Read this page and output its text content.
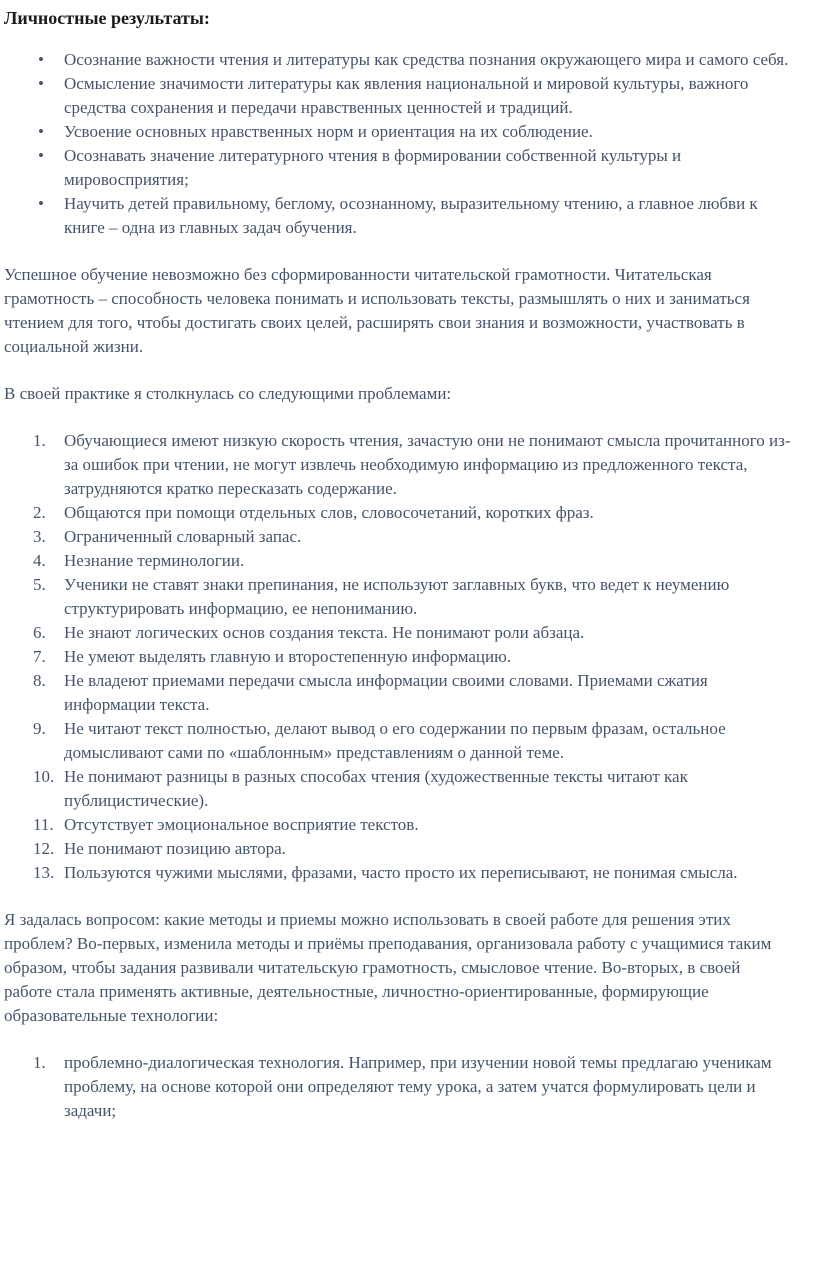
Личностные результаты:
• Осознание важности чтения и литературы как средства познания окружающего мира и самого себя.
• Осмысление значимости литературы как явления национальной и мировой культуры, важного средства сохранения и передачи нравственных ценностей и традиций.
• Усвоение основных нравственных норм и ориентация на их соблюдение.
• Осознавать значение литературного чтения в формировании собственной культуры и мировосприятия;
• Научить детей правильному, беглому, осознанному, выразительному чтению, а главное любви к книге – одна из главных задач обучения.

Успешное обучение невозможно без сформированности читательской грамотности. Читательская грамотность – способность человека понимать и использовать тексты, размышлять о них и заниматься чтением для того, чтобы достигать своих целей, расширять свои знания и возможности, участвовать в социальной жизни.

В своей практике я столкнулась со следующими проблемами:

Обучающиеся имеют низкую скорость чтения, зачастую они не понимают смысла прочитанного из-за ошибок при чтении, не могут извлечь необходимую информацию из предложенного текста, затрудняются кратко пересказать содержание.
Общаются при помощи отдельных слов, словосочетаний, коротких фраз.
Ограниченный словарный запас.
Незнание терминологии.
Ученики не ставят знаки препинания, не используют заглавных букв, что ведет к неумению структурировать информацию, ее непониманию.
Не знают логических основ создания текста. Не понимают роли абзаца.
Не умеют выделять главную и второстепенную информацию.
Не владеют приемами передачи смысла информации своими словами. Приемами сжатия информации текста.
Не читают текст полностью, делают вывод о его содержании по первым фразам, остальное домысливают сами по «шаблонным» представлениям о данной теме.
Не понимают разницы в разных способах чтения (художественные тексты читают как публицистические).
Отсутствует эмоциональное восприятие текстов.
Не понимают позицию автора.
Пользуются чужими мыслями, фразами, часто просто их переписывают, не понимая смысла.

Я задалась вопросом: какие методы и приемы можно использовать в своей работе для решения этих проблем? Во-первых, изменила методы и приёмы преподавания, организовала работу с учащимися таким образом, чтобы задания развивали читательскую грамотность, смысловое чтение. Во-вторых, в своей работе стала применять активные, деятельностные, личностно-ориентированные, формирующие образовательные технологии:

проблемно-диалогическая технология. Например, при изучении новой темы предлагаю ученикам проблему, на основе которой они определяют тему урока, а затем учатся формулировать цели и задачи;
